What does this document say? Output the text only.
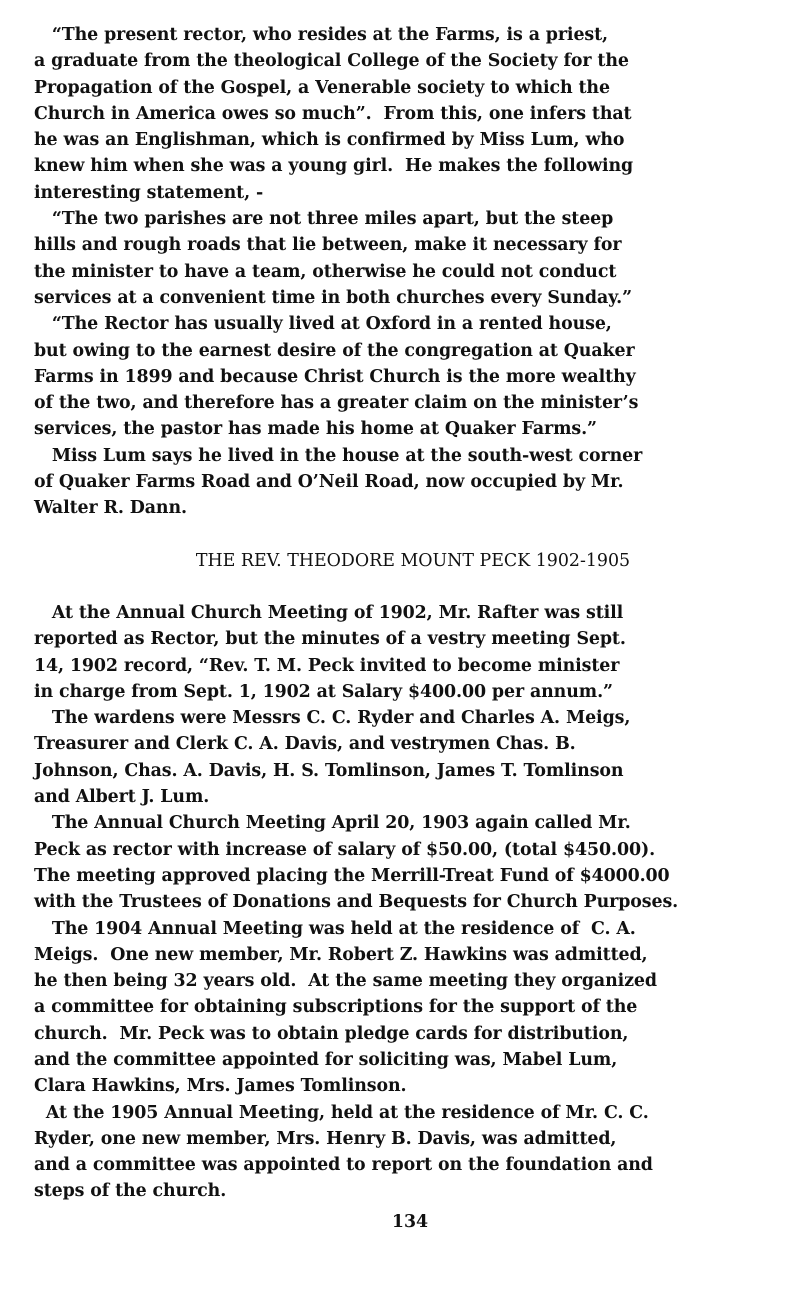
“The present rector, who resides at the Farms, is a priest,
a graduate from the theological College of the Society for the
Propagation of the Gospel, a Venerable society to which the
Church in America owes so much”.  From this, one infers that
he was an Englishman, which is confirmed by Miss Lum, who
knew him when she was a young girl.  He makes the following
interesting statement, -

“The two parishes are not three miles apart, but the steep
hills and rough roads that lie between, make it necessary for
the minister to have a team, otherwise he could not conduct
services at a convenient time in both churches every Sunday.”

“The Rector has usually lived at Oxford in a rented house,
but owing to the earnest desire of the congregation at Quaker
Farms in 1899 and because Christ Church is the more wealthy
of the two, and therefore has a greater claim on the minister’s
services, the pastor has made his home at Quaker Farms.”

Miss Lum says he lived in the house at the south-west corner
of Quaker Farms Road and O’Neil Road, now occupied by Mr.
Walter R. Dann.

THE REV. THEODORE MOUNT PECK 1902-1905

At the Annual Church Meeting of 1902, Mr. Rafter was still
reported as Rector, but the minutes of a vestry meeting Sept.
14, 1902 record, “Rev. T. M. Peck invited to become minister
in charge from Sept. 1, 1902 at Salary $400.00 per annum.”

The wardens were Messrs C. C. Ryder and Charles A. Meigs,
Treasurer and Clerk C. A. Davis, and vestrymen Chas. B.
Johnson, Chas. A. Davis, H. S. Tomlinson, James T. Tomlinson
and Albert J. Lum.

The Annual Church Meeting April 20, 1903 again called Mr.
Peck as rector with increase of salary of $50.00, (total $450.00).
The meeting approved placing the Merrill-Treat Fund of $4000.00
with the Trustees of Donations and Bequests for Church Purposes.

The 1904 Annual Meeting was held at the residence of  C. A.
Meigs.  One new member, Mr. Robert Z. Hawkins was admitted,
he then being 32 years old.  At the same meeting they organized
a committee for obtaining subscriptions for the support of the
church.  Mr. Peck was to obtain pledge cards for distribution,
and the committee appointed for soliciting was, Mabel Lum,
Clara Hawkins, Mrs. James Tomlinson.

At the 1905 Annual Meeting, held at the residence of Mr. C. C.
Ryder, one new member, Mrs. Henry B. Davis, was admitted,
and a committee was appointed to report on the foundation and
steps of the church.

134
